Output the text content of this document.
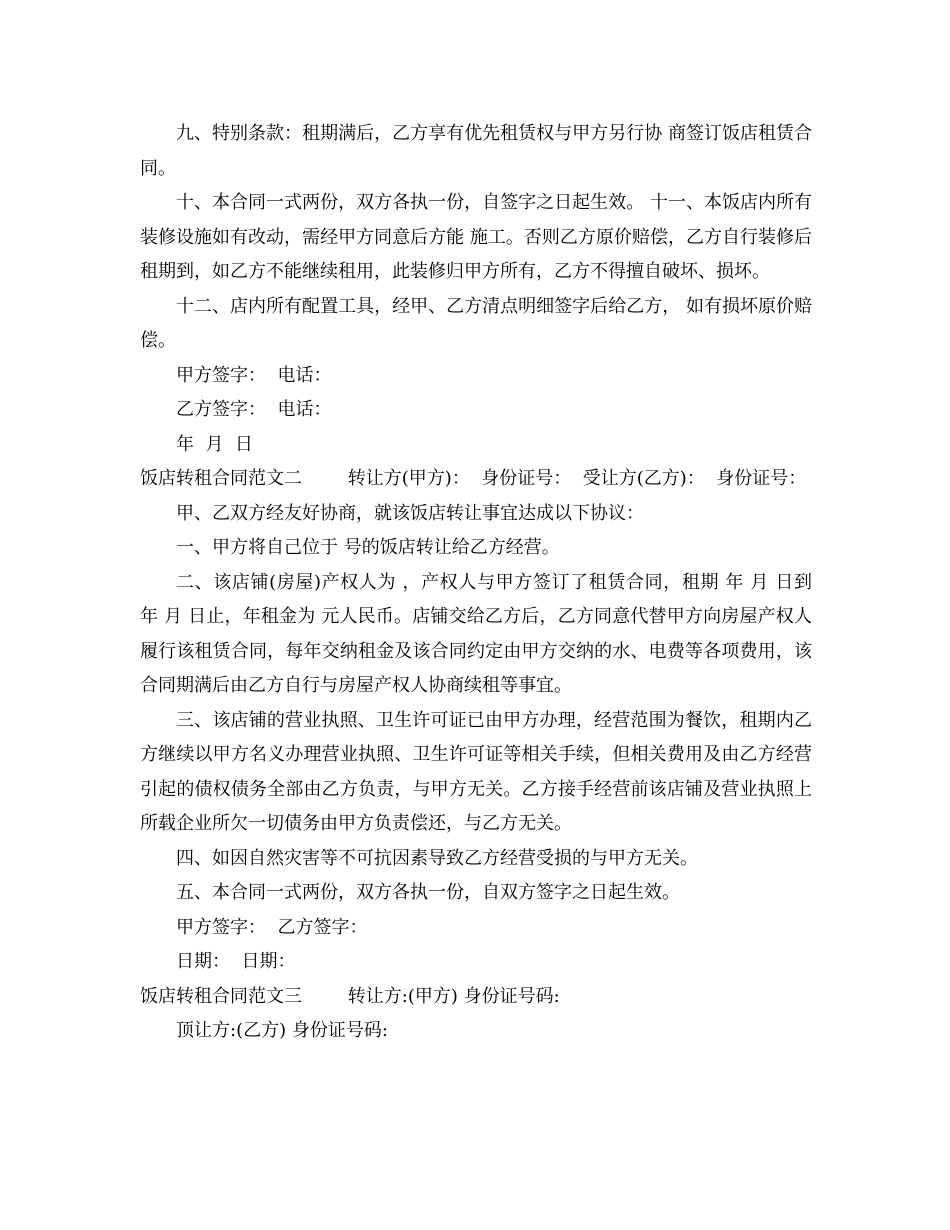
九、特别条款：租期满后，乙方享有优先租赁权与甲方另行协 商签订饭店租赁合同。

十、本合同一式两份，双方各执一份，自签字之日起生效。 十一、本饭店内所有装修设施如有改动，需经甲方同意后方能 施工。否则乙方原价赔偿，乙方自行装修后租期到，如乙方不能继续租用，此装修归甲方所有，乙方不得擅自破坏、损坏。

十二、店内所有配置工具，经甲、乙方清点明细签字后给乙方， 如有损坏原价赔偿。

甲方签字：  电话：

乙方签字：  电话：

年  月  日

饭店转租合同范文二        转让方(甲方)：  身份证号：  受让方(乙方)：  身份证号：

甲、乙双方经友好协商，就该饭店转让事宜达成以下协议：

一、甲方将自己位于 号的饭店转让给乙方经营。

二、该店铺(房屋)产权人为 ，产权人与甲方签订了租赁合同，租期 年 月 日到 年 月 日止，年租金为 元人民币。店铺交给乙方后，乙方同意代替甲方向房屋产权人履行该租赁合同，每年交纳租金及该合同约定由甲方交纳的水、电费等各项费用，该合同期满后由乙方自行与房屋产权人协商续租等事宜。

三、该店铺的营业执照、卫生许可证已由甲方办理，经营范围为餐饮，租期内乙方继续以甲方名义办理营业执照、卫生许可证等相关手续，但相关费用及由乙方经营引起的债权债务全部由乙方负责，与甲方无关。乙方接手经营前该店铺及营业执照上所载企业所欠一切债务由甲方负责偿还，与乙方无关。

四、如因自然灾害等不可抗因素导致乙方经营受损的与甲方无关。

五、本合同一式两份，双方各执一份，自双方签字之日起生效。

甲方签字：  乙方签字：

日期：  日期：

饭店转租合同范文三        转让方:(甲方) 身份证号码:

顶让方:(乙方) 身份证号码:
